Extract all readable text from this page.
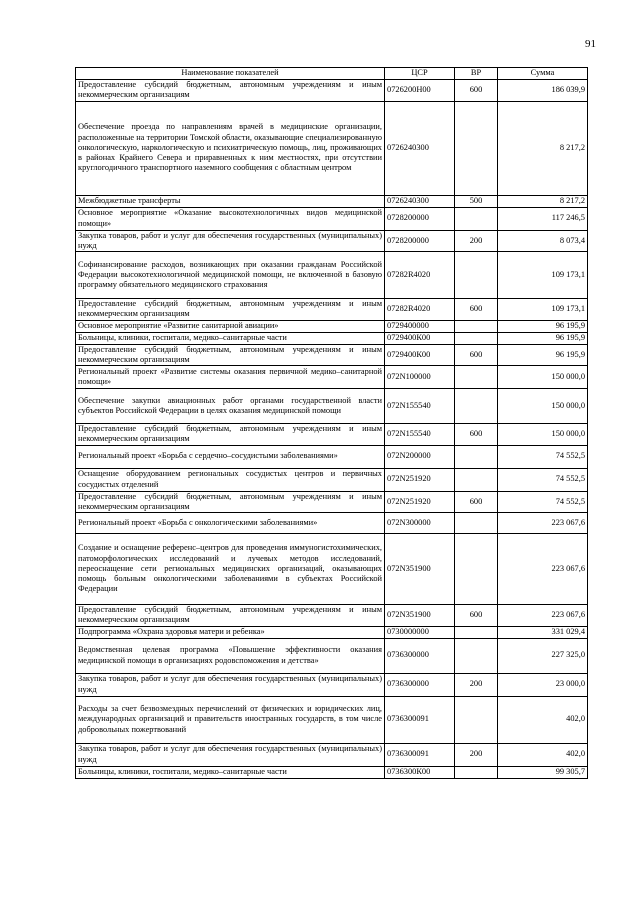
91
Наименование показателей	ЦСР	ВР	Сумма
Предоставление субсидий бюджетным, автономным учреждениям и иным некоммерческим организациям	0726200Н00	600	186 039,9
Обеспечение проезда по направлениям врачей в медицинские организации, расположенные на территории Томской области, оказывающие специализированную онкологическую, наркологическую и психиатрическую помощь, лиц, проживающих в районах Крайнего Севера и приравненных к ним местностях, при отсутствии круглогодичного транспортного наземного сообщения с областным центром	0726240300		8 217,2
Межбюджетные трансферты	0726240300	500	8 217,2
Основное мероприятие «Оказание высокотехнологичных видов медицинской помощи»	0728200000		117 246,5
Закупка товаров, работ и услуг для обеспечения государственных (муниципальных) нужд	0728200000	200	8 073,4
Софинансирование расходов, возникающих при оказании гражданам Российской Федерации высокотехнологичной медицинской помощи, не включенной в базовую программу обязательного медицинского страхования	07282R4020		109 173,1
Предоставление субсидий бюджетным, автономным учреждениям и иным некоммерческим организациям	07282R4020	600	109 173,1
Основное мероприятие «Развитие санитарной авиации»	0729400000		96 195,9
Больницы, клиники, госпитали, медико–санитарные части	0729400К00		96 195,9
Предоставление субсидий бюджетным, автономным учреждениям и иным некоммерческим организациям	0729400К00	600	96 195,9
Региональный проект «Развитие системы оказания первичной медико–санитарной помощи»	072N100000		150 000,0
Обеспечение закупки авиационных работ органами государственной власти субъектов Российской Федерации в целях оказания медицинской помощи	072N155540		150 000,0
Предоставление субсидий бюджетным, автономным учреждениям и иным некоммерческим организациям	072N155540	600	150 000,0
Региональный проект «Борьба с сердечно–сосудистыми заболеваниями»	072N200000		74 552,5
Оснащение оборудованием региональных сосудистых центров и первичных сосудистых отделений	072N251920		74 552,5
Предоставление субсидий бюджетным, автономным учреждениям и иным некоммерческим организациям	072N251920	600	74 552,5
Региональный проект «Борьба с онкологическими заболеваниями»	072N300000		223 067,6
Создание и оснащение референс–центров для проведения иммуногистохимических, патоморфологических исследований и лучевых методов исследований, переоснащение сети региональных медицинских организаций, оказывающих помощь больным онкологическими заболеваниями в субъектах Российской Федерации	072N351900		223 067,6
Предоставление субсидий бюджетным, автономным учреждениям и иным некоммерческим организациям	072N351900	600	223 067,6
Подпрограмма «Охрана здоровья матери и ребенка»	0730000000		331 029,4
Ведомственная целевая программа «Повышение эффективности оказания медицинской помощи в организациях родовспоможения и детства»	0736300000		227 325,0
Закупка товаров, работ и услуг для обеспечения государственных (муниципальных) нужд	0736300000	200	23 000,0
Расходы за счет безвозмездных перечислений от физических и юридических лиц, международных организаций и правительств иностранных государств, в том числе добровольных пожертвований	0736300091		402,0
Закупка товаров, работ и услуг для обеспечения государственных (муниципальных) нужд	0736300091	200	402,0
Больницы, клиники, госпитали, медико–санитарные части	0736300К00		99 305,7
